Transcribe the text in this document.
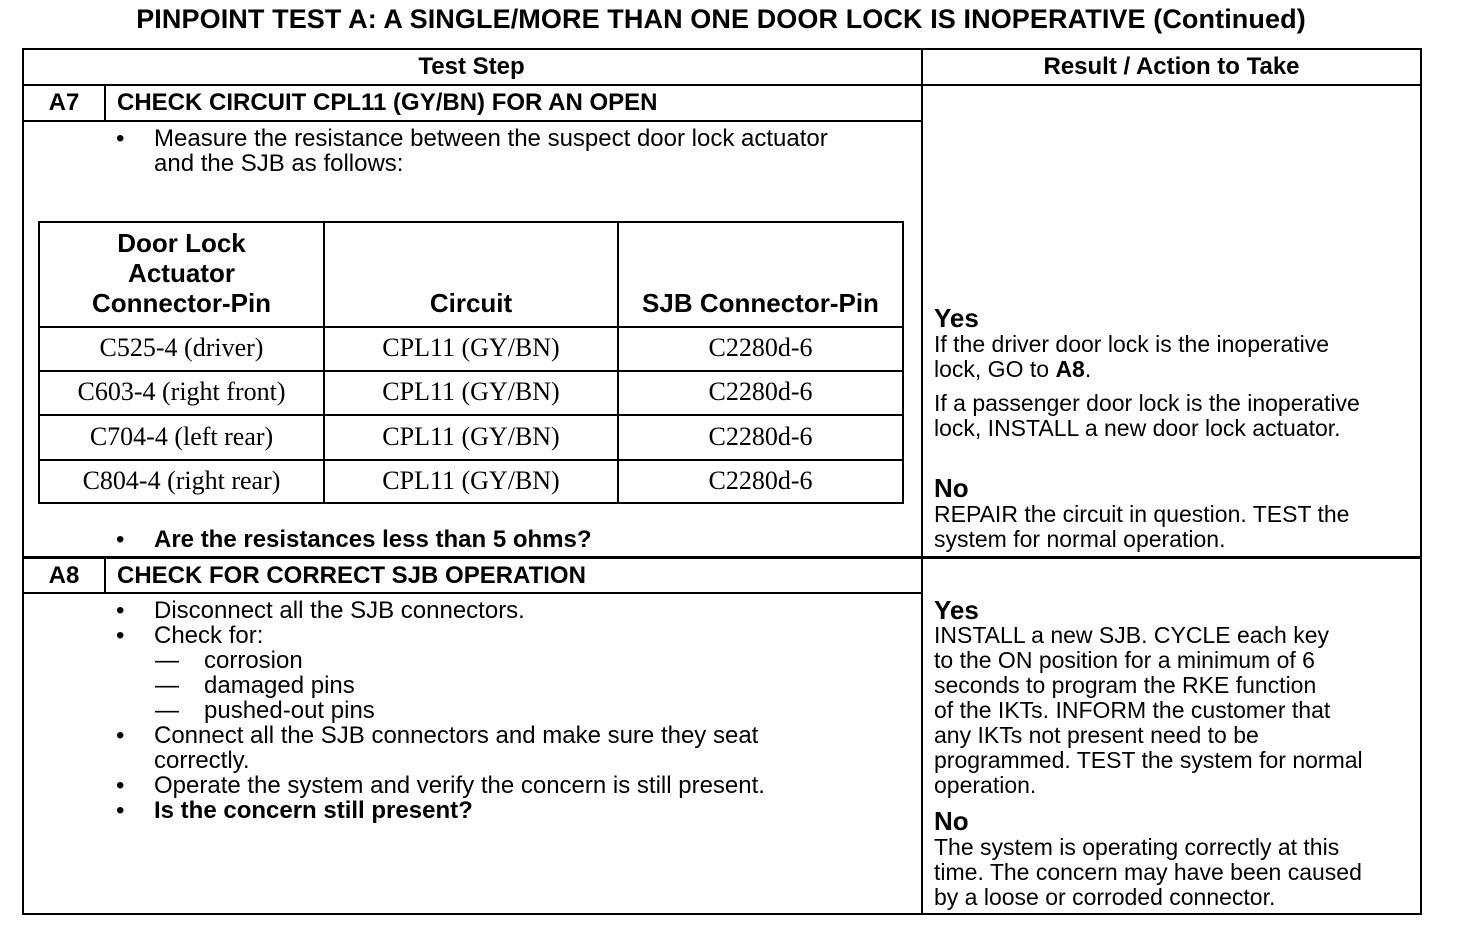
PINPOINT TEST A: A SINGLE/MORE THAN ONE DOOR LOCK IS INOPERATIVE (Continued)
Test Step	Result / Action to Take
A7	CHECK CIRCUIT CPL11 (GY/BN) FOR AN OPEN
• Measure the resistance between the suspect door lock actuator
and the SJB as follows:
Door Lock
Actuator
Connector-Pin	Circuit	SJB Connector-Pin
C525-4 (driver)	CPL11 (GY/BN)	C2280d-6
C603-4 (right front)	CPL11 (GY/BN)	C2280d-6
C704-4 (left rear)	CPL11 (GY/BN)	C2280d-6
C804-4 (right rear)	CPL11 (GY/BN)	C2280d-6
• Are the resistances less than 5 ohms?
Yes
If the driver door lock is the inoperative
lock, GO to A8.
If a passenger door lock is the inoperative
lock, INSTALL a new door lock actuator.
No
REPAIR the circuit in question. TEST the
system for normal operation.
A8	CHECK FOR CORRECT SJB OPERATION
• Disconnect all the SJB connectors.
• Check for:
— corrosion
— damaged pins
— pushed-out pins
• Connect all the SJB connectors and make sure they seat
correctly.
• Operate the system and verify the concern is still present.
• Is the concern still present?
Yes
INSTALL a new SJB. CYCLE each key
to the ON position for a minimum of 6
seconds to program the RKE function
of the IKTs. INFORM the customer that
any IKTs not present need to be
programmed. TEST the system for normal
operation.
No
The system is operating correctly at this
time. The concern may have been caused
by a loose or corroded connector.
